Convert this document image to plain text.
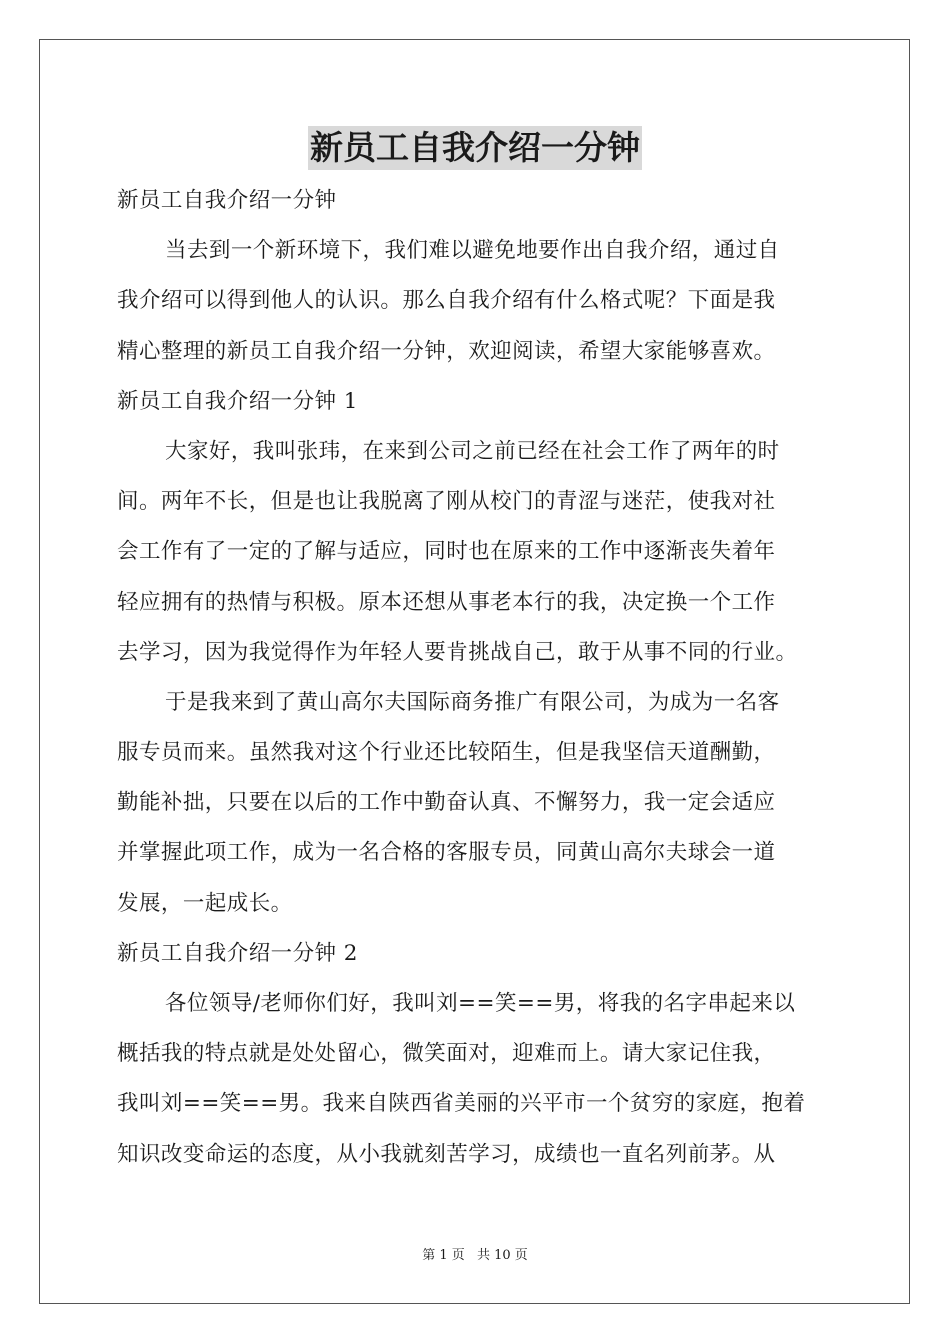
新员工自我介绍一分钟
新员工自我介绍一分钟
当去到一个新环境下，我们难以避免地要作出自我介绍，通过自
我介绍可以得到他人的认识。那么自我介绍有什么格式呢？下面是我
精心整理的新员工自我介绍一分钟，欢迎阅读，希望大家能够喜欢。
新员工自我介绍一分钟 1
大家好，我叫张玮，在来到公司之前已经在社会工作了两年的时
间。两年不长，但是也让我脱离了刚从校门的青涩与迷茫，使我对社
会工作有了一定的了解与适应，同时也在原来的工作中逐渐丧失着年
轻应拥有的热情与积极。原本还想从事老本行的我，决定换一个工作
去学习，因为我觉得作为年轻人要肯挑战自己，敢于从事不同的行业。
于是我来到了黄山高尔夫国际商务推广有限公司，为成为一名客
服专员而来。虽然我对这个行业还比较陌生，但是我坚信天道酬勤，
勤能补拙，只要在以后的工作中勤奋认真、不懈努力，我一定会适应
并掌握此项工作，成为一名合格的客服专员，同黄山高尔夫球会一道
发展，一起成长。
新员工自我介绍一分钟 2
各位领导/老师你们好，我叫刘==笑==男，将我的名字串起来以
概括我的特点就是处处留心，微笑面对，迎难而上。请大家记住我，
我叫刘==笑==男。我来自陕西省美丽的兴平市一个贫穷的家庭，抱着
知识改变命运的态度，从小我就刻苦学习，成绩也一直名列前茅。从
第 1 页 共 10 页
